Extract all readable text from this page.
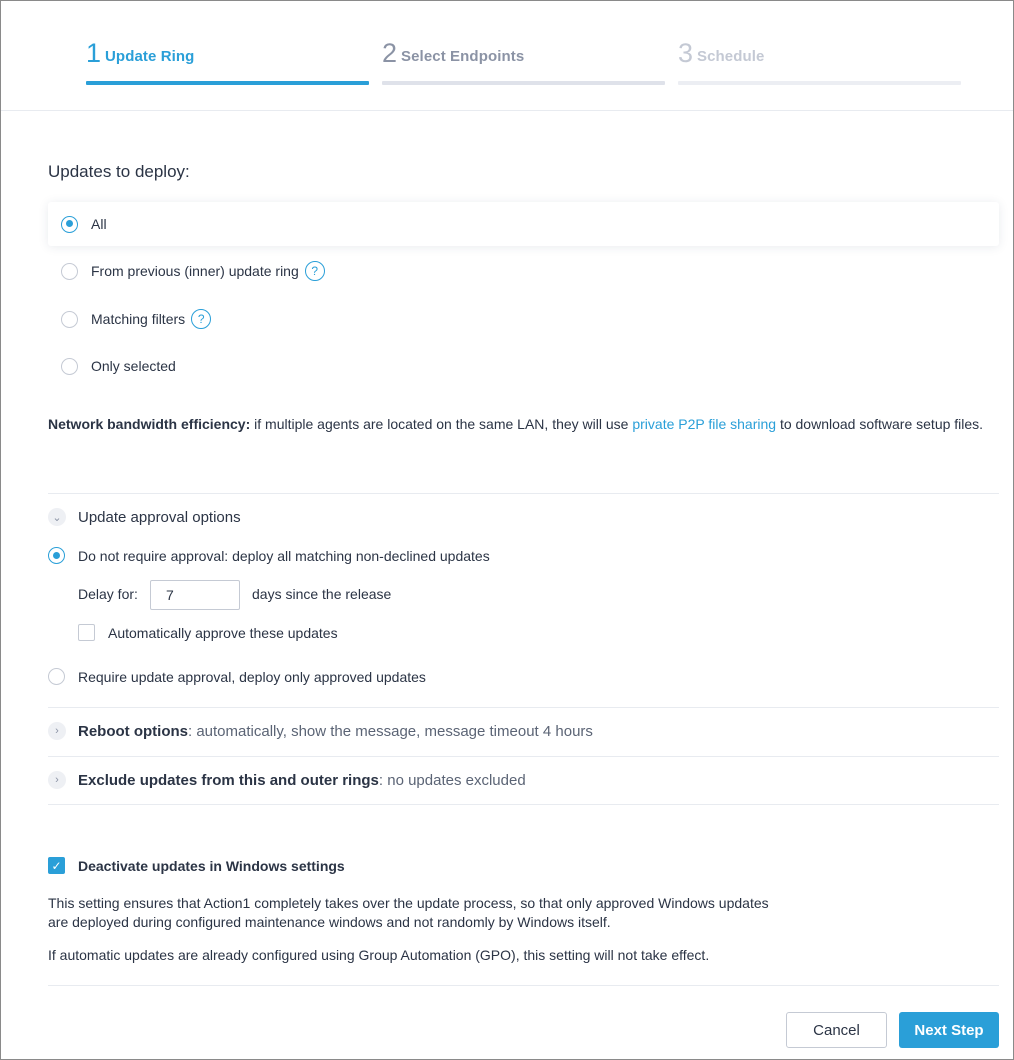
1 Update Ring	2 Select Endpoints	3 Schedule
Updates to deploy:
All
From previous (inner) update ring	?
Matching filters	?
Only selected
Network bandwidth efficiency: if multiple agents are located on the same LAN, they will use private P2P file sharing to download software setup files.
⌄ Update approval options
Do not require approval: deploy all matching non-declined updates
Delay for:
7	days since the release
Automatically approve these updates
Require update approval, deploy only approved updates
›	Reboot options : automatically, show the message, message timeout 4 hours
›	Exclude updates from this and outer rings : no updates excluded
✓ Deactivate updates in Windows settings
This setting ensures that Action1 completely takes over the update process, so that only approved Windows updates
are deployed during configured maintenance windows and not randomly by Windows itself.
If automatic updates are already configured using Group Automation (GPO), this setting will not take effect.
Cancel	Next Step
